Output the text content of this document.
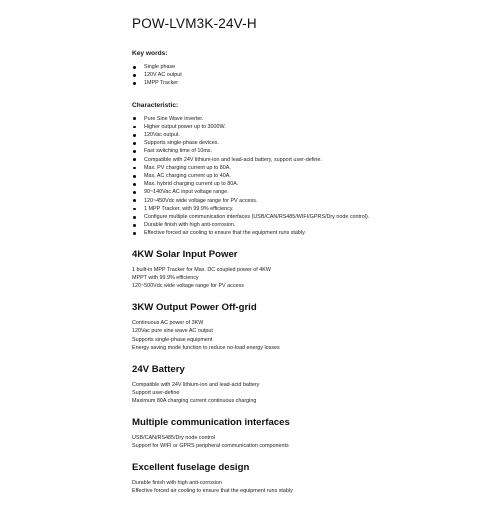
POW-LVM3K-24V-H
Key words:
Single phase
120V AC output
1MPP Tracker
Characteristic:
Pure Sine Wave inverter.
Higher output power up to 3000W.
120Vac output.
Supports single-phase devices.
Fast switching time of 10ms.
Compatible with 24V lithium-ion and lead-acid battery, support user-define.
Max. PV charging current up to 80A.
Max. AC charging current up to 40A.
Max. hybrid charging current up to 80A.
90~140Vac AC input voltage range.
120~450Vdc wide voltage range for PV access.
1 MPP Tracker, with 99.9% efficiency.
Configure multiple communication interfaces (USB/CAN/RS485/WIFI/GPRS/Dry node control).
Durable finish with high anti-corrosion.
Effective forced air cooling to ensure that the equipment runs stably.
4KW Solar Input Power
1 built-in MPP Tracker for Max. DC coupled power of 4KW
MPPT with 99.9% efficiency
120~500Vdc wide voltage range for PV access
3KW Output Power Off-grid
Continuous AC power of 3KW
120Vac pure sine wave AC output
Supports single-phase equipment
Energy saving mode function to reduce no-load energy losses
24V Battery
Compatible with 24V lithium-ion and lead-acid battery
Support user-define
Maximum 80A charging current continuous charging
Multiple communication interfaces
USB/CAN/RS485/Dry node control
Support for WIFI or GPRS peripheral communication components
Excellent fuselage design
Durable finish with high anti-corrosion
Effective forced air cooling to ensure that the equipment runs stably
